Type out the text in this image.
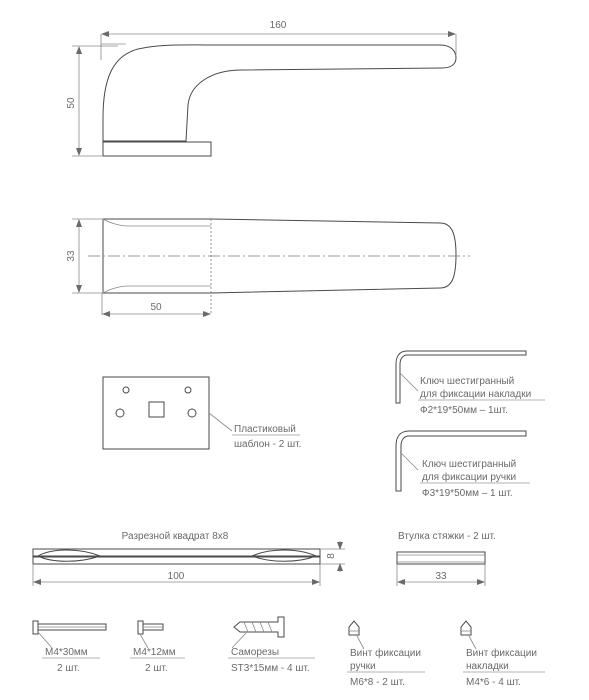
160
50
33
50
Пластиковый
шаблон - 2 шт.
Ключ шестигранный
для фиксации накладки
Ф2*19*50мм – 1шт.
Ключ шестигранный
для фиксации ручки
Ф3*19*50мм – 1 шт.
Разрезной квадрат 8х8
100
8
Втулка стяжки - 2 шт.
33
М4*30мм
2 шт.
М4*12мм
2 шт.
Саморезы
ST3*15мм - 4 шт.
Винт фиксации
ручки
М6*8 - 2 шт.
Винт фиксации
накладки
М4*6 - 4 шт.
